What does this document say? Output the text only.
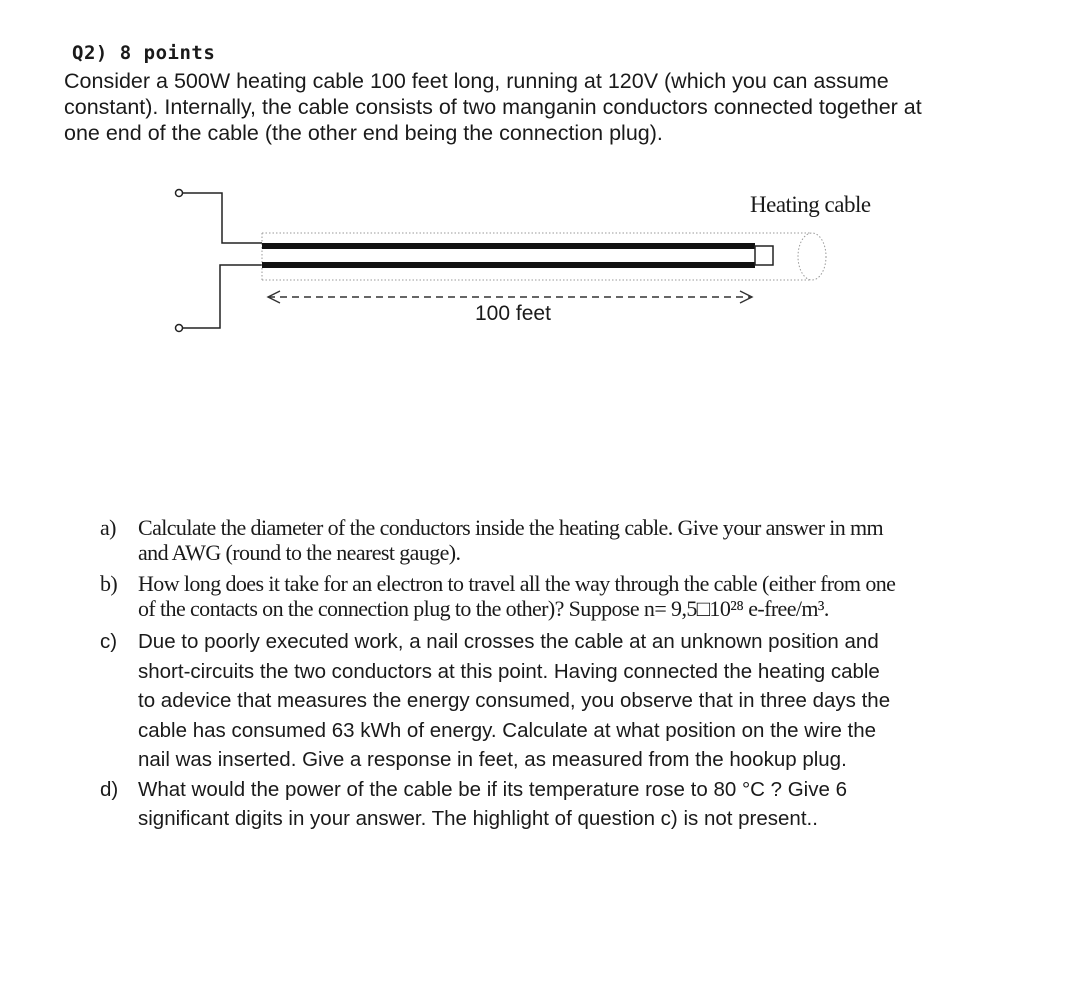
Q2) 8 points
Consider a 500W heating cable 100 feet long, running at 120V (which you can assume
constant). Internally, the cable consists of two manganin conductors connected together at
one end of the cable (the other end being the connection plug).
Heating cable
100 feet
a) Calculate the diameter of the conductors inside the heating cable. Give your answer in mm
and AWG (round to the nearest gauge).
b) How long does it take for an electron to travel all the way through the cable (either from one
of the contacts on the connection plug to the other)? Suppose n= 9,5□10²⁸ e-free/m³.
c) Due to poorly executed work, a nail crosses the cable at an unknown position and
short-circuits the two conductors at this point. Having connected the heating cable
to adevice that measures the energy consumed, you observe that in three days the
cable has consumed 63 kWh of energy. Calculate at what position on the wire the
nail was inserted. Give a response in feet, as measured from the hookup plug.
d) What would the power of the cable be if its temperature rose to 80 °C ? Give 6
significant digits in your answer. The highlight of question c) is not present..
